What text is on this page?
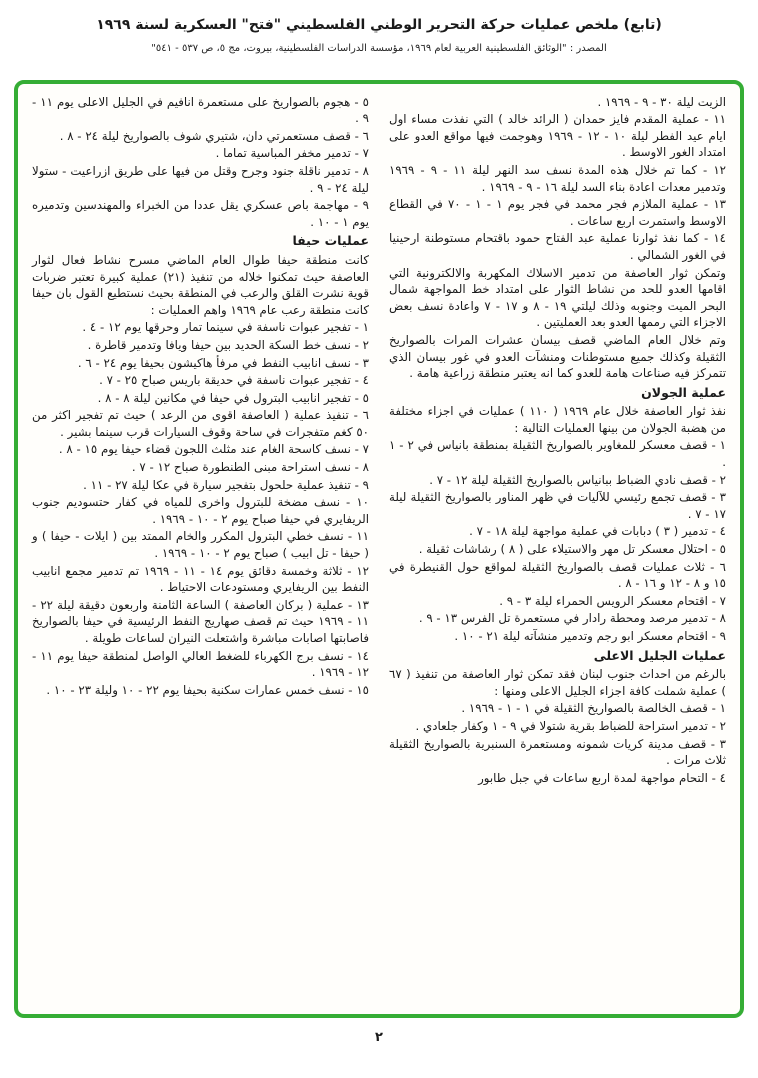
(تابع) ملخص عمليات حركة التحرير الوطني الفلسطيني "فتح" العسكرية لسنة ١٩٦٩
المصدر : "الوثائق الفلسطينية العربية لعام ١٩٦٩، مؤسسة الدراسات الفلسطينية، بيروت، مج ٥، ص ٥٣٧ - ٥٤١"
الزيت ليلة ٣٠ - ٩ - ١٩٦٩ .
١١ - عملية المقدم فايز حمدان ( الرائد خالد ) التي نفذت مساء اول ايام عيد الفطر ليلة ١٠ - ١٢ - ١٩٦٩ وهوجمت فيها مواقع العدو على امتداد الغور الاوسط .
١٢ - كما تم خلال هذه المدة نسف سد النهر ليلة ١١ - ٩ - ١٩٦٩ وتدمير معدات اعادة بناء السد ليلة ١٦ - ٩ - ١٩٦٩ .
١٣ - عملية الملازم فجر محمد في فجر يوم ١ - ١ - ٧٠ في القطاع الاوسط واستمرت اربع ساعات .
١٤ - كما نفذ ثوارنا عملية عبد الفتاح حمود باقتحام مستوطنة ارحينيا في الغور الشمالي .
وتمكن ثوار العاصفة من تدمير الاسلاك المكهربة والالكترونية التي اقامها العدو للحد من نشاط الثوار على امتداد خط المواجهة شمال البحر الميت وجنوبه وذلك ليلتي ١٩ - ٨ و ١٧ - ٧ واعادة نسف بعض الاجزاء التي رممها العدو بعد العمليتين .
وتم خلال العام الماضي قصف بيسان عشرات المرات بالصواريخ الثقيلة وكذلك جميع مستوطنات ومنشآت العدو في غور بيسان الذي تتمركز فيه صناعات هامة للعدو كما انه يعتبر منطقة زراعية هامة .
عملية الجولان
نفذ ثوار العاصفة خلال عام ١٩٦٩ ( ١١٠ ) عمليات في اجزاء مختلفة من هضبة الجولان من بينها العمليات التالية :
١ - قصف معسكر للمغاوير بالصواريخ الثقيلة بمنطقة بانياس في ٢ - ١ .
٢ - قصف نادي الضباط ببانياس بالصواريخ الثقيلة ليلة ١٢ - ٧ .
٣ - قصف تجمع رئيسي للآليات في ظهر المناور بالصواريخ الثقيلة ليلة ١٧ - ٧ .
٤ - تدمير ( ٣ ) دبابات في عملية مواجهة ليلة ١٨ - ٧ .
٥ - احتلال معسكر تل مهر والاستيلاء على ( ٨ ) رشاشات ثقيلة .
٦ - ثلاث عمليات قصف بالصواريخ الثقيلة لمواقع حول القنيطرة في ١٥ و ٨ - ١٢ و ١٦ - ٨ .
٧ - اقتحام معسكر الرويس الحمراء ليلة ٣ - ٩ .
٨ - تدمير مرصد ومحطة رادار في مستعمرة تل الفرس ١٣ - ٩ .
٩ - اقتحام معسكر ابو رجم وتدمير منشآته ليلة ٢١ - ١٠ .
عمليات الجليل الاعلى
بالرغم من احداث جنوب لبنان فقد تمكن ثوار العاصفة من تنفيذ ( ٦٧ ) عملية شملت كافة اجزاء الجليل الاعلى ومنها :
١ - قصف الخالصة بالصواريخ الثقيلة في ١ - ١ - ١٩٦٩ .
٢ - تدمير استراحة للضباط بقرية شتولا في ٩ - ١ وكفار جلعادي .
٣ - قصف مدينة كريات شمونه ومستعمرة السنبرية بالصواريخ الثقيلة ثلاث مرات .
٤ - التحام مواجهة لمدة اربع ساعات في جبل طابور
٥ - هجوم بالصواريخ على مستعمرة انافيم في الجليل الاعلى يوم ١١ - ٩ .
٦ - قصف مستعمرتي دان، شتيري شوف بالصواريخ ليلة ٢٤ - ٨ .
٧ - تدمير مخفر المباسية تماما .
٨ - تدمير ناقلة جنود وجرح وقتل من فيها على طريق ازراعيت - ستولا ليلة ٢٤ - ٩ .
٩ - مهاجمة باص عسكري يقل عددا من الخبراء والمهندسين وتدميره يوم ١ - ١٠ .
عمليات حيفا
كانت منطقة حيفا طوال العام الماضي مسرح نشاط فعال لثوار العاصفة حيث تمكنوا خلاله من تنفيذ (٢١) عملية كبيرة تعتبر ضربات قوية نشرت القلق والرعب في المنطقة بحيث نستطيع القول بان حيفا كانت منطقة رعب عام ١٩٦٩ واهم العمليات :
١ - تفجير عبوات ناسفة في سينما تمار وحرقها يوم ١٢ - ٤ .
٢ - نسف خط السكة الحديد بين حيفا ويافا وتدمير قاطرة .
٣ - نسف انابيب النفط في مرفأ هاكيشون بحيفا يوم ٢٤ - ٦ .
٤ - تفجير عبوات ناسفة في حديقة باريس صباح ٢٥ - ٧ .
٥ - تفجير انابيب البترول في حيفا في مكانين ليلة ٨ - ٨ .
٦ - تنفيذ عملية ( العاصفة اقوى من الرعد ) حيث تم تفجير اكثر من ٥٠ كغم متفجرات في ساحة وقوف السيارات قرب سينما بشير .
٧ - نسف كاسحة الغام عند مثلث اللجون قضاء حيفا يوم ١٥ - ٨ .
٨ - نسف استراحة مبنى الطنطورة صباح ١٢ - ٧ .
٩ - تنفيذ عملية حلحول بتفجير سيارة في عكا ليلة ٢٧ - ١١ .
١٠ - نسف مضخة للبترول واخرى للمياه في كفار حتسوديم جنوب الريفايري في حيفا صباح يوم ٢ - ١٠ - ١٩٦٩ .
١١ - نسف خطي البترول المكرر والخام الممتد بين ( ايلات - حيفا ) و ( حيفا - تل ابيب ) صباح يوم ٢ - ١٠ - ١٩٦٩ .
١٢ - ثلاثة وخمسة دقائق يوم ١٤ - ١١ - ١٩٦٩ تم تدمير مجمع انابيب النفط بين الريفايري ومستودعات الاحتياط .
١٣ - عملية ( بركان العاصفة ) الساعة الثامنة واربعون دقيقة ليلة ٢٢ - ١١ - ١٩٦٩ حيث تم قصف صهاريج النفط الرئيسية في حيفا بالصواريخ فاصابتها اصابات مباشرة واشتعلت النيران لساعات طويلة .
١٤ - نسف برج الكهرباء للضغط العالي الواصل لمنطقة حيفا يوم ١١ - ١٢ - ١٩٦٩ .
١٥ - نسف خمس عمارات سكنية بحيفا يوم ٢٢ - ١٠ وليلة ٢٣ - ١٠ .
٢
